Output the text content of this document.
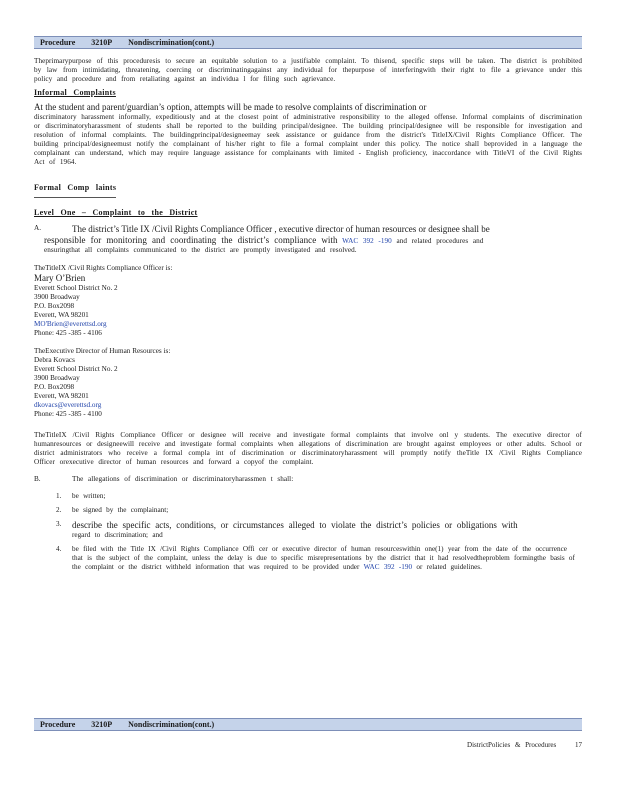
Procedure 3210P Nondiscrimination(cont.)

Theprimarypurpose of this proceduresis to secure an equitable solution to a justifiable complaint. To thisend, specific steps will be taken. The district is prohibited by law from intimidating, threatening, coercing or discriminatingagainst any individual for thepurpose of interferingwith their right to file a grievance under this policy and procedure and from retaliating against an individua l for filing such agrievance.

Informal Complaints

At the student and parent/guardian’s option, attempts will be made to resolve complaints of discrimination or

discriminatory harassment informally, expeditiously and at the closest point of administrative responsibility to the alleged offense. Informal complaints of discrimination or discriminatoryharassment of students shall be reported to the building principal/designee. The building principal/designee will be responsible for investigation and resolution of informal complaints. The buildingprincipal/designeemay seek assistance or guidance from the district's TitleIX/Civil Rights Compliance Officer. The building principal/designeemust notify the complainant of his/her right to file a formal complaint under this policy. The notice shall beprovided in a language the complainant can understand, which may require language assistance for complainants with limited - English proficiency, inaccordance with TitleVI of the Civil Rights Act of 1964.

Formal Comp laints

Level One – Complaint to the District

A.	The district’s Title IX /Civil Rights Compliance Officer , executive director of human resources or designee shall be

responsible for monitoring and coordinating the district’s compliance with WAC 392 -190 and related procedures and

ensuringthat all complaints communicated to the district are promptly investigated and resolved.

TheTitleIX /Civil Rights Compliance Officer is:

Mary O’Brien

Everett School District No. 2

3900 Broadway

P.O. Box2098

Everett, WA 98201

MO'Brien@everettsd.org

Phone: 425 -385 - 4106

TheExecutive Director of Human Resources is:

Debra Kovacs

Everett School District No. 2

3900 Broadway

P.O. Box2098

Everett, WA 98201

dkovacs@everettsd.org

Phone: 425 -385 - 4100

TheTitleIX /Civil Rights Compliance Officer or designee will receive and investigate formal complaints that involve onl y students. The executive director of humanresources or designeewill receive and investigate formal complaints when allegations of discrimination are brought against employees or other adults. School or district administrators who receive a formal compla int of discrimination or discriminatoryharassment will promptly notify theTitle IX /Civil Rights Compliance Officer orexecutive director of human resources and forward a copyof the complaint.

B.	The allegations of discrimination or discriminatoryharassmen t shall:

1. be written;
2. be signed by the complainant;
3. describe the specific acts, conditions, or circumstances alleged to violate the district’s policies or obligations with
regard to discrimination; and
4. be filed with the Title IX /Civil Rights Compliance Offi cer or executive director of human resourceswithin one(1) year from the date of the occurrence that is the subject of the complaint, unless the delay is due to specific misrepresentations by the district that it had resolvedtheproblem formingthe basis of the complaint or the district withheld information that was required to be provided under WAC 392 -190 or related guidelines.
Procedure 3210P Nondiscrimination(cont.)
DistrictPolicies & Procedures	17
